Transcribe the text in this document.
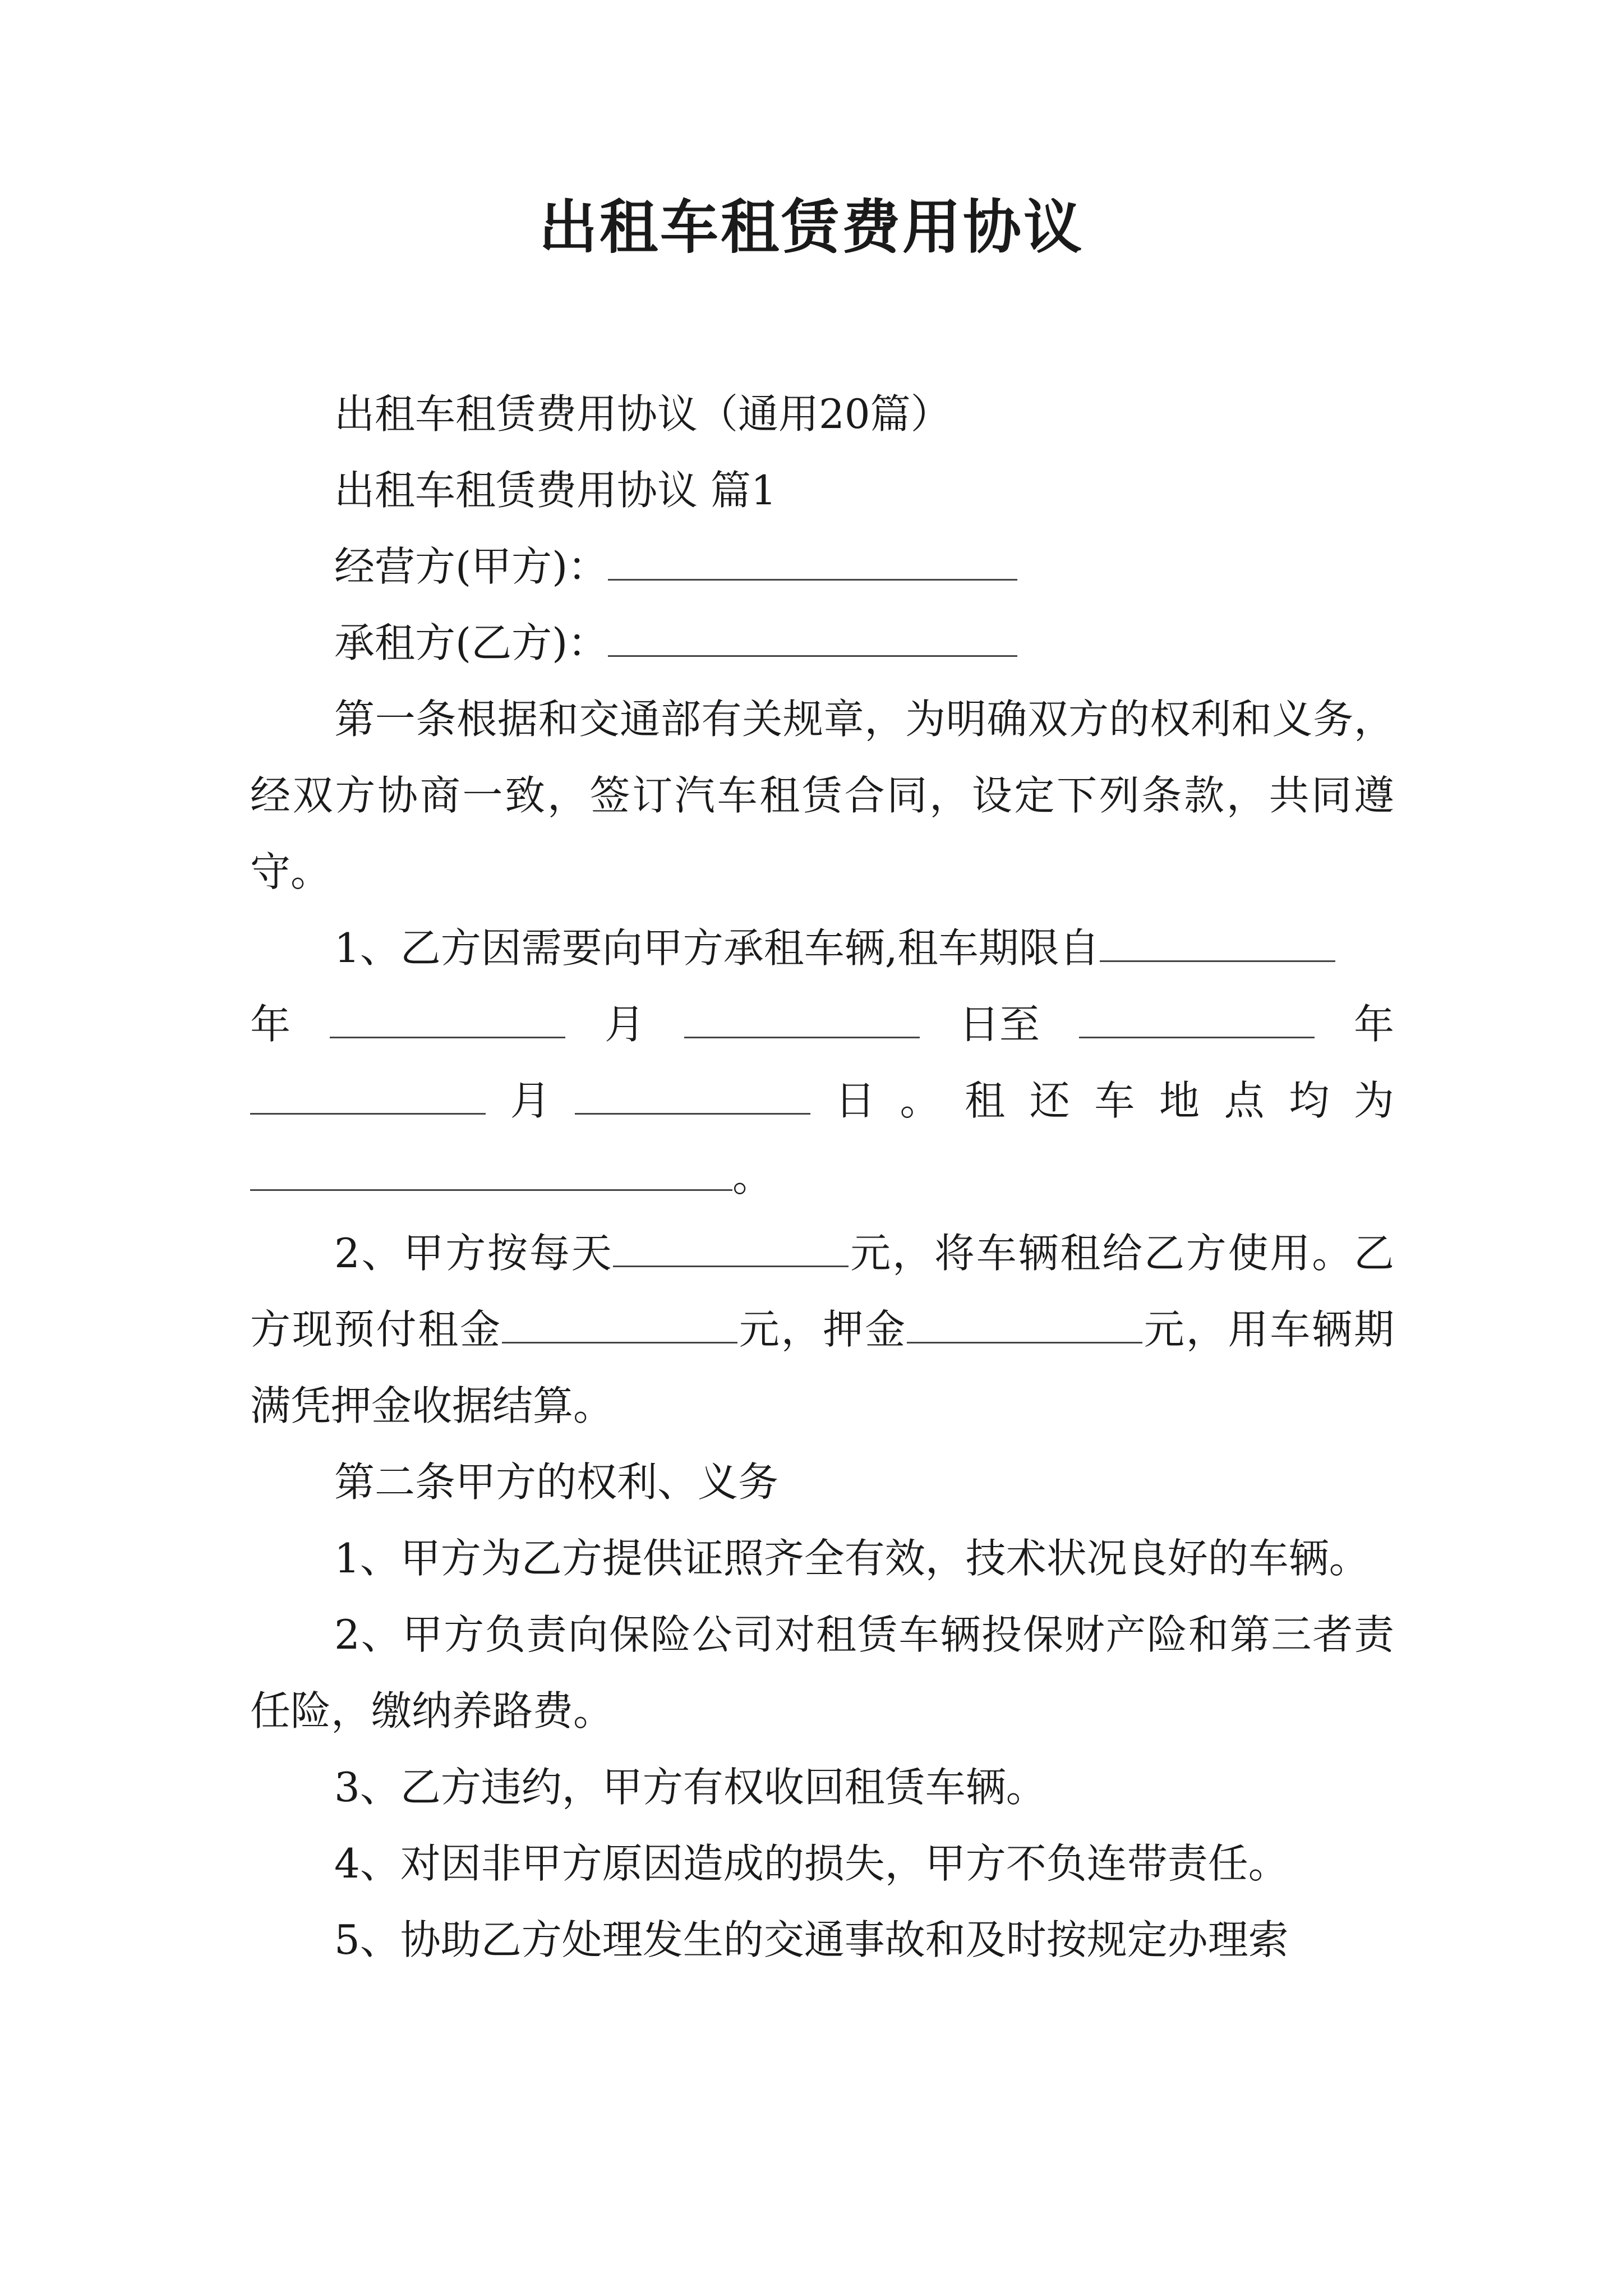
出租车租赁费用协议

出租车租赁费用协议（通用20篇）

出租车租赁费用协议 篇1

经营方(甲方)：

承租方(乙方)：

第一条根据和交通部有关规章，为明确双方的权利和义务，经双方协商一致，签订汽车租赁合同，设定下列条款，共同遵守。

1、乙方因需要向甲方承租车辆,租车期限自

年	月	日至	年

月	日 。 租 还 车 地 点 均 为

。

2、甲方按每天	元，将车辆租给乙方使用。乙方现预付租金	元，押金	元，用车辆期满凭押金收据结算。

第二条甲方的权利、义务

1、甲方为乙方提供证照齐全有效，技术状况良好的车辆。

2、甲方负责向保险公司对租赁车辆投保财产险和第三者责任险，缴纳养路费。

3、乙方违约，甲方有权收回租赁车辆。

4、对因非甲方原因造成的损失，甲方不负连带责任。

5、协助乙方处理发生的交通事故和及时按规定办理索
